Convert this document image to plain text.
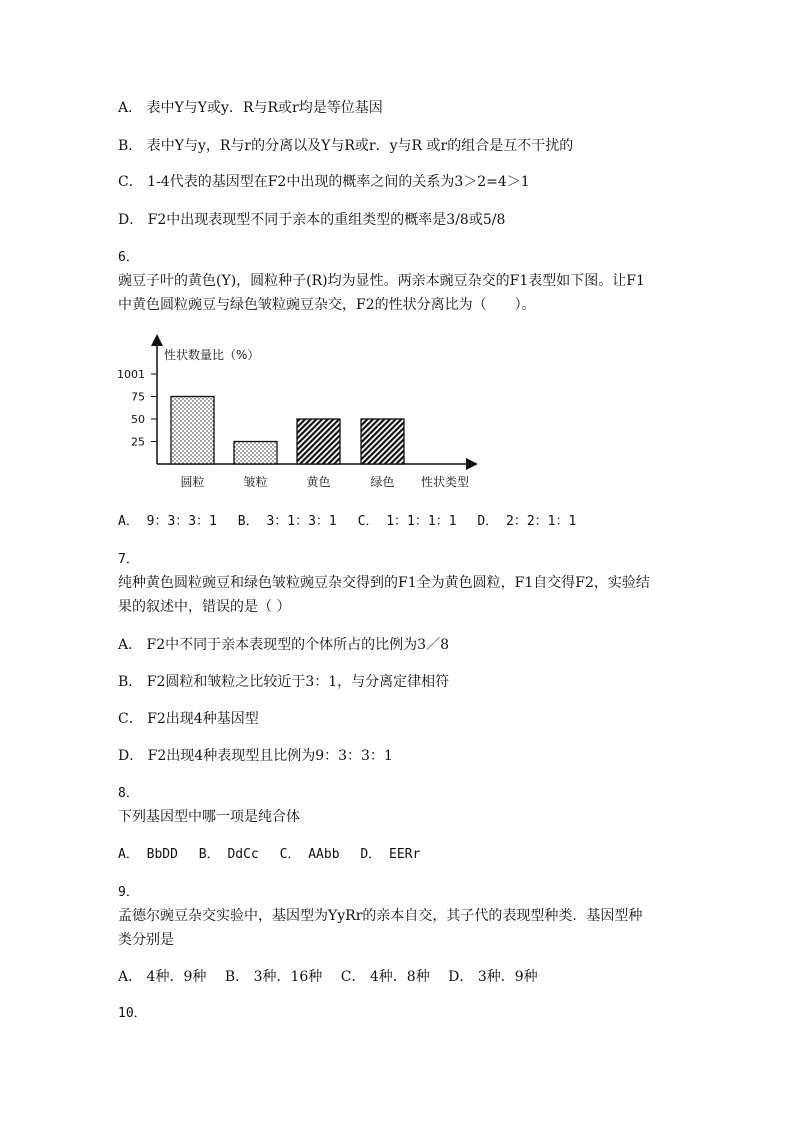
A． 表中Y与Y或y．R与R或r均是等位基因
B． 表中Y与y，R与r的分离以及Y与R或r．y与R 或r的组合是互不干扰的
C． 1-4代表的基因型在F2中出现的概率之间的关系为3＞2=4＞1
D． F2中出现表现型不同于亲本的重组类型的概率是3/8或5/8
6．
豌豆子叶的黄色(Y)，圆粒种子(R)均为显性。两亲本豌豆杂交的F1表型如下图。让F1
中黄色圆粒豌豆与绿色皱粒豌豆杂交，F2的性状分离比为（　　）。
性状数量比（%）
性状类型
1001
75
50
25
圆粒	皱粒	黄色	绿色
A． 9：3：3：1　 B． 3：1：3：1　 C． 1：1：1：1　 D． 2：2：1：1
7．
纯种黄色圆粒豌豆和绿色皱粒豌豆杂交得到的F1全为黄色圆粒，F1自交得F2，实验结
果的叙述中，错误的是（ ）
A． F2中不同于亲本表现型的个体所占的比例为3／8
B． F2圆粒和皱粒之比较近于3：1，与分离定律相符
C． F2出现4种基因型
D． F2出现4种表现型且比例为9：3：3：1
8．
下列基因型中哪一项是纯合体
A． BbDD　 B． DdCc　 C． AAbb　 D． EERr
9．
孟德尔豌豆杂交实验中，基因型为YyRr的亲本自交，其子代的表现型种类．基因型种
类分别是
A． 4种．9种　 B． 3种．16种　 C． 4种．8种　 D． 3种．9种
10．
